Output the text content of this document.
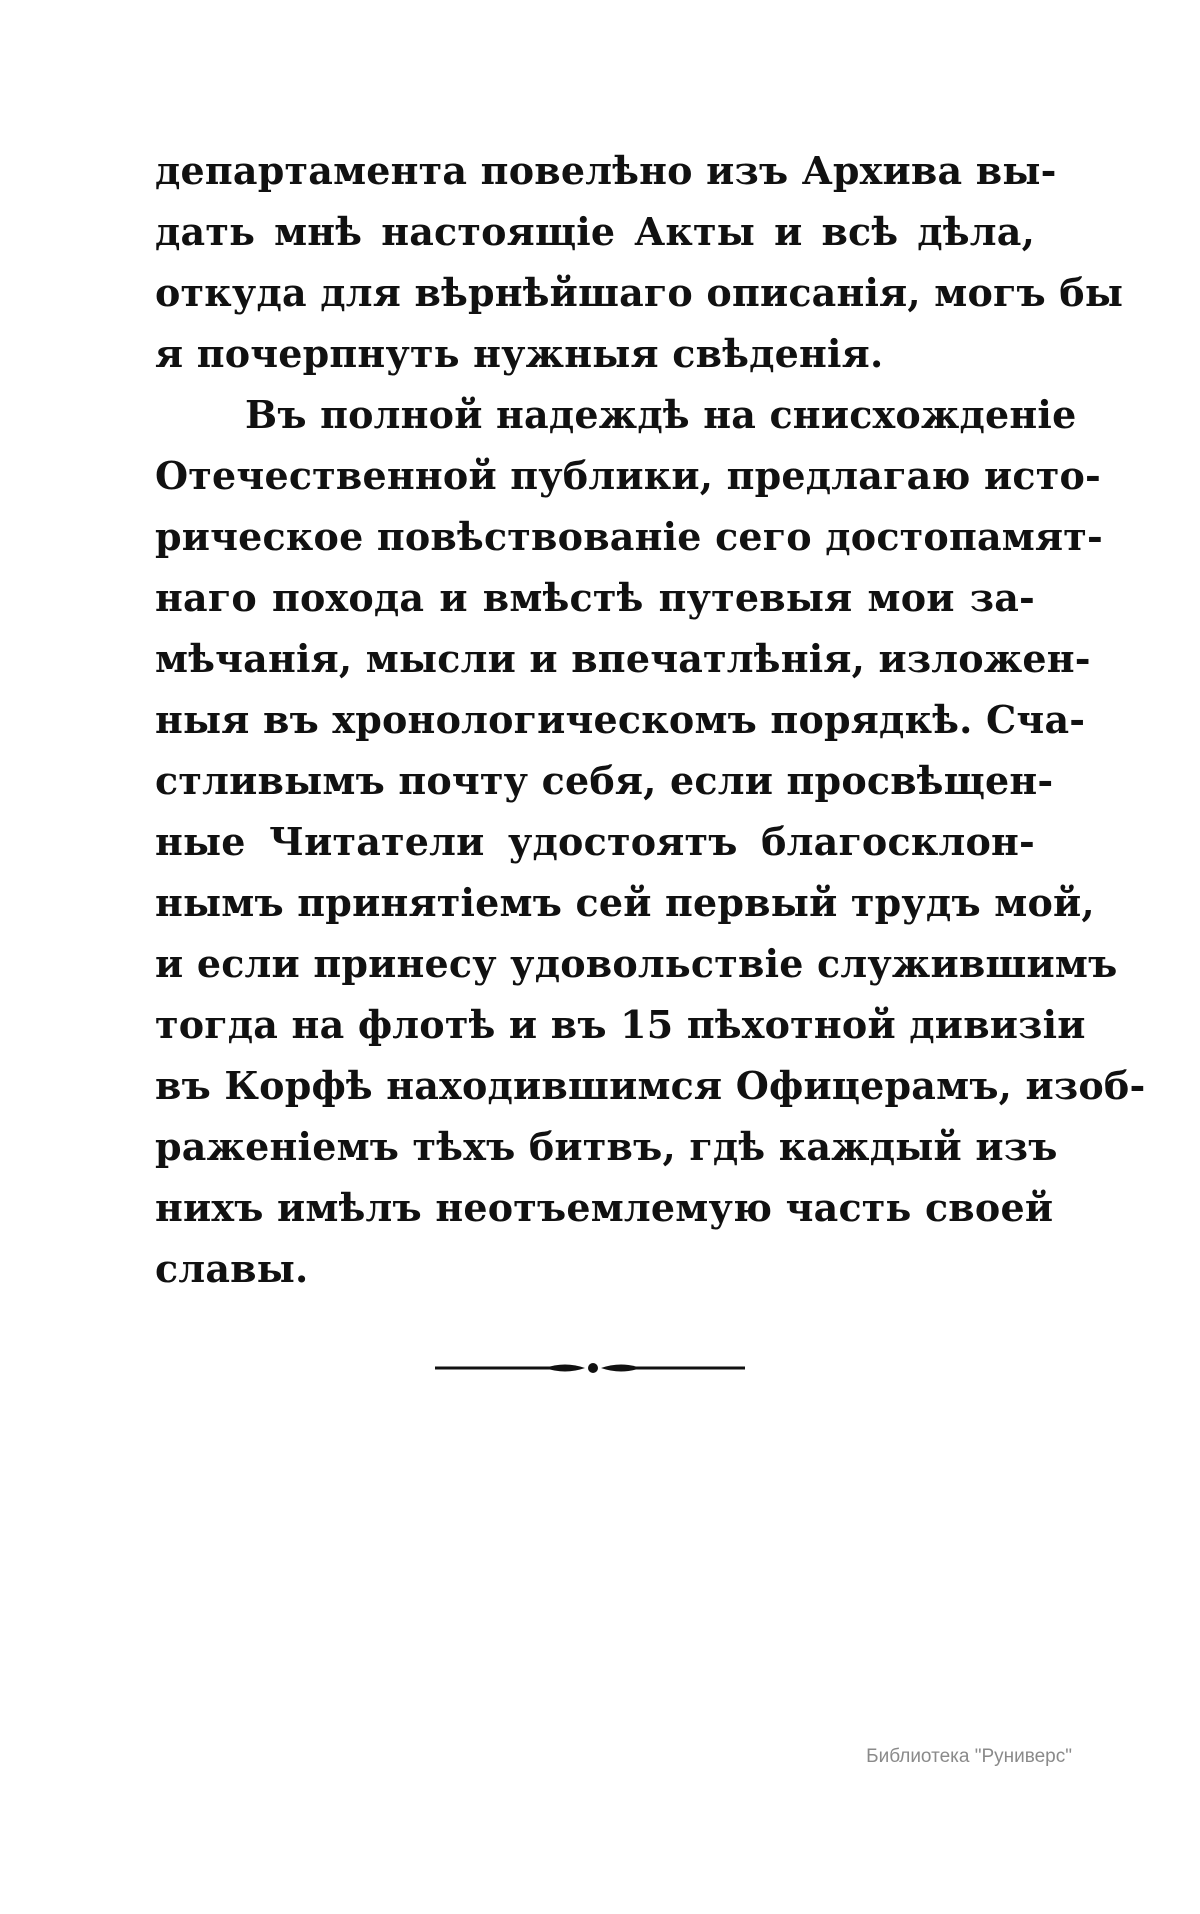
департамента повелѣно изъ Архива вы-
дать мнѣ настоящіе Акты и всѣ дѣла,
откуда для вѣрнѣйшаго описанія, могъ бы
я почерпнуть нужныя свѣденія.
Въ полной надеждѣ на снисхожденіе
Отечественной публики, предлагаю исто-
рическое повѣствованіе сего достопамят-
наго похода и вмѣстѣ путевыя мои за-
мѣчанія, мысли и впечатлѣнія, изложен-
ныя въ хронологическомъ порядкѣ. Сча-
стливымъ почту себя, если просвѣщен-
ные Читатели удостоятъ благосклон-
нымъ принятіемъ сей первый трудъ мой,
и если принесу удовольствіе служившимъ
тогда на флотѣ и въ 15 пѣхотной дивизіи
въ Корфѣ находившимся Офицерамъ, изоб-
раженіемъ тѣхъ битвъ, гдѣ каждый изъ
нихъ имѣлъ неотъемлемую часть своей
славы.
Библиотека "Руниверс"
